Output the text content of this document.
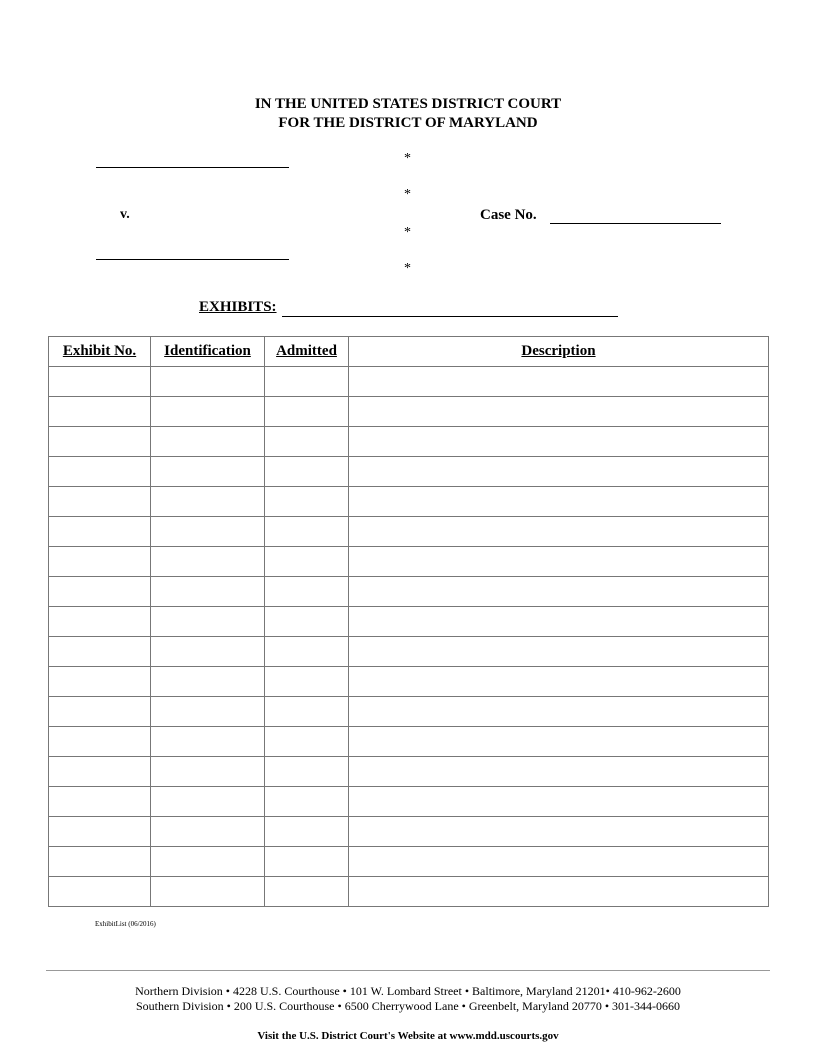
IN THE UNITED STATES DISTRICT COURT
FOR THE DISTRICT OF MARYLAND
v.
*
*
*
*
Case No.
EXHIBITS:
Exhibit No.	Identification	Admitted	Description

ExhibitList (06/2016)
Northern Division • 4228 U.S. Courthouse • 101 W. Lombard Street • Baltimore, Maryland 21201• 410-962-2600
Southern Division • 200 U.S. Courthouse • 6500 Cherrywood Lane • Greenbelt, Maryland 20770 • 301-344-0660
Visit the U.S. District Court's Website at www.mdd.uscourts.gov
